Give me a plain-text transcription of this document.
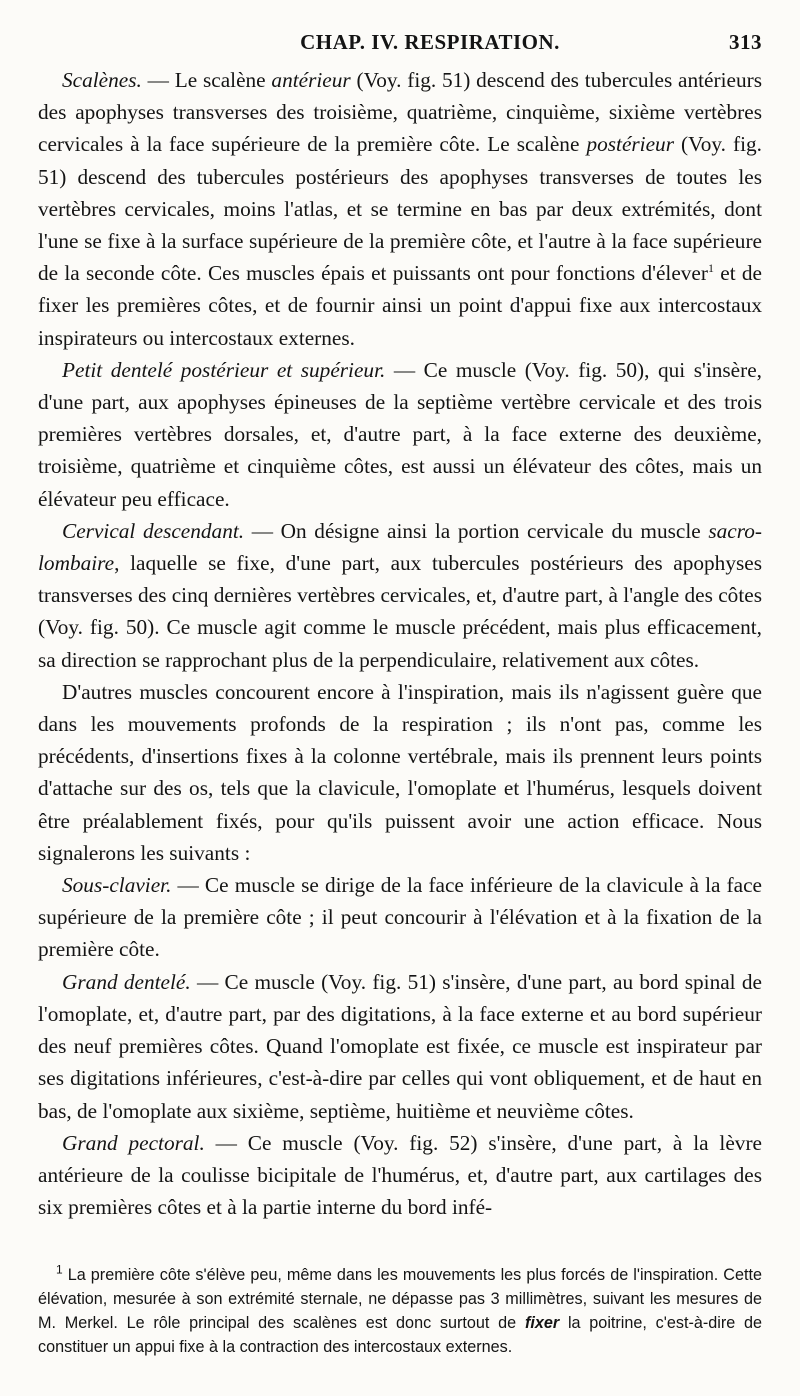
CHAP. IV. RESPIRATION.	313

Scalènes. — Le scalène antérieur (Voy. fig. 51) descend des tubercules antérieurs des apophyses transverses des troisième, quatrième, cinquième, sixième vertèbres cervicales à la face supérieure de la première côte. Le scalène postérieur (Voy. fig. 51) descend des tubercules postérieurs des apophyses transverses de toutes les vertèbres cervicales, moins l'atlas, et se termine en bas par deux extrémités, dont l'une se fixe à la surface supérieure de la première côte, et l'autre à la face supérieure de la seconde côte. Ces muscles épais et puissants ont pour fonctions d'élever$^1$ et de fixer les premières côtes, et de fournir ainsi un point d'appui fixe aux intercostaux inspirateurs ou intercostaux externes.

Petit dentelé postérieur et supérieur. — Ce muscle (Voy. fig. 50), qui s'insère, d'une part, aux apophyses épineuses de la septième vertèbre cervicale et des trois premières vertèbres dorsales, et, d'autre part, à la face externe des deuxième, troisième, quatrième et cinquième côtes, est aussi un élévateur des côtes, mais un élévateur peu efficace.

Cervical descendant. — On désigne ainsi la portion cervicale du muscle sacro-lombaire, laquelle se fixe, d'une part, aux tubercules postérieurs des apophyses transverses des cinq dernières vertèbres cervicales, et, d'autre part, à l'angle des côtes (Voy. fig. 50). Ce muscle agit comme le muscle précédent, mais plus efficacement, sa direction se rapprochant plus de la perpendiculaire, relativement aux côtes.

D'autres muscles concourent encore à l'inspiration, mais ils n'agissent guère que dans les mouvements profonds de la respiration ; ils n'ont pas, comme les précédents, d'insertions fixes à la colonne vertébrale, mais ils prennent leurs points d'attache sur des os, tels que la clavicule, l'omoplate et l'humérus, lesquels doivent être préalablement fixés, pour qu'ils puissent avoir une action efficace. Nous signalerons les suivants :

Sous-clavier. — Ce muscle se dirige de la face inférieure de la clavicule à la face supérieure de la première côte ; il peut concourir à l'élévation et à la fixation de la première côte.

Grand dentelé. — Ce muscle (Voy. fig. 51) s'insère, d'une part, au bord spinal de l'omoplate, et, d'autre part, par des digitations, à la face externe et au bord supérieur des neuf premières côtes. Quand l'omoplate est fixée, ce muscle est inspirateur par ses digitations inférieures, c'est-à-dire par celles qui vont obliquement, et de haut en bas, de l'omoplate aux sixième, septième, huitième et neuvième côtes.

Grand pectoral. — Ce muscle (Voy. fig. 52) s'insère, d'une part, à la lèvre antérieure de la coulisse bicipitale de l'humérus, et, d'autre part, aux cartilages des six premières côtes et à la partie interne du bord infé-

$^1$ La première côte s'élève peu, même dans les mouvements les plus forcés de l'inspiration. Cette élévation, mesurée à son extrémité sternale, ne dépasse pas 3 millimètres, suivant les mesures de M. Merkel. Le rôle principal des scalènes est donc surtout de fixer la poitrine, c'est-à-dire de constituer un appui fixe à la contraction des intercostaux externes.
